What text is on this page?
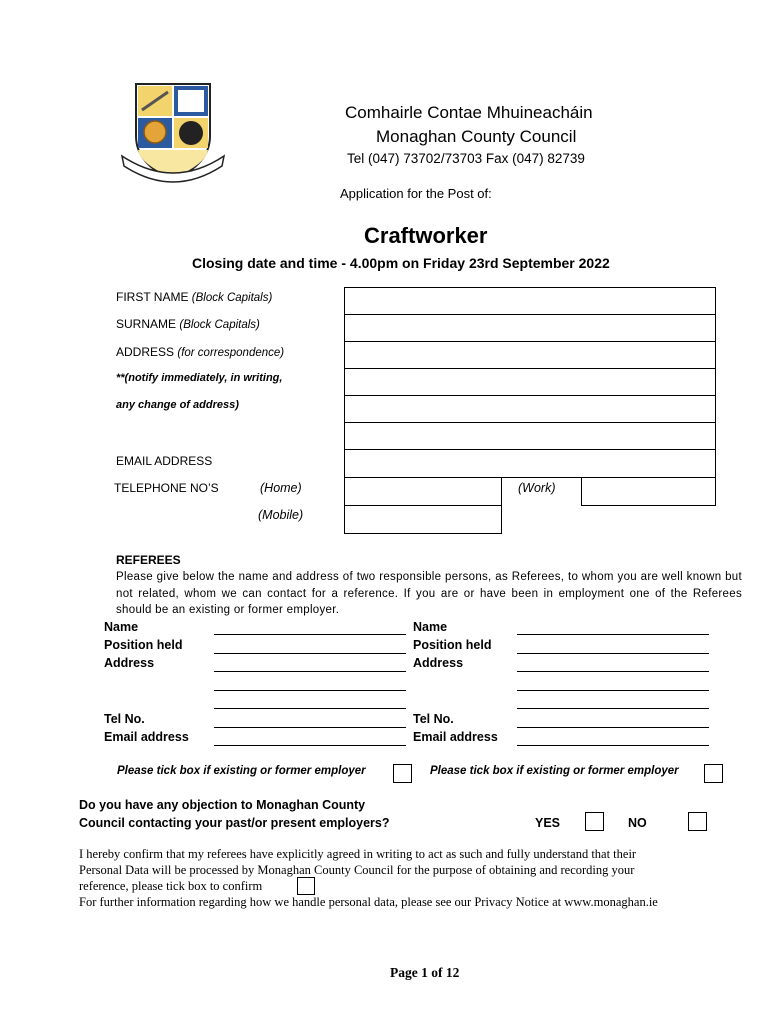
Comhairle Contae Mhuineacháin
Monaghan County Council
Tel (047) 73702/73703 Fax (047) 82739
Application for the Post of:
Craftworker
Closing date and time - 4.00pm on Friday 23rd September 2022
FIRST NAME (Block Capitals)
SURNAME (Block Capitals)
ADDRESS (for correspondence)
**(notify immediately, in writing,
any change of address)
EMAIL ADDRESS
TELEPHONE NO’S	(Home)	(Work)
(Mobile)
REFEREES
Please give below the name and address of two responsible persons, as Referees, to whom you are well known but not related, whom we can contact for a reference. If you are or have been in employment one of the Referees should be an existing or former employer.
Name
Position held
Address
Tel No.
Email address
Name
Position held
Address
Tel No.
Email address
Please tick box if existing or former employer	Please tick box if existing or former employer
Do you have any objection to Monaghan County
Council contacting your past/or present employers?	YES	NO
I hereby confirm that my referees have explicitly agreed in writing to act as such and fully understand that their
Personal Data will be processed by Monaghan County Council for the purpose of obtaining and recording your
reference, please tick box to confirm
For further information regarding how we handle personal data, please see our Privacy Notice at www.monaghan.ie
Page 1 of 12
